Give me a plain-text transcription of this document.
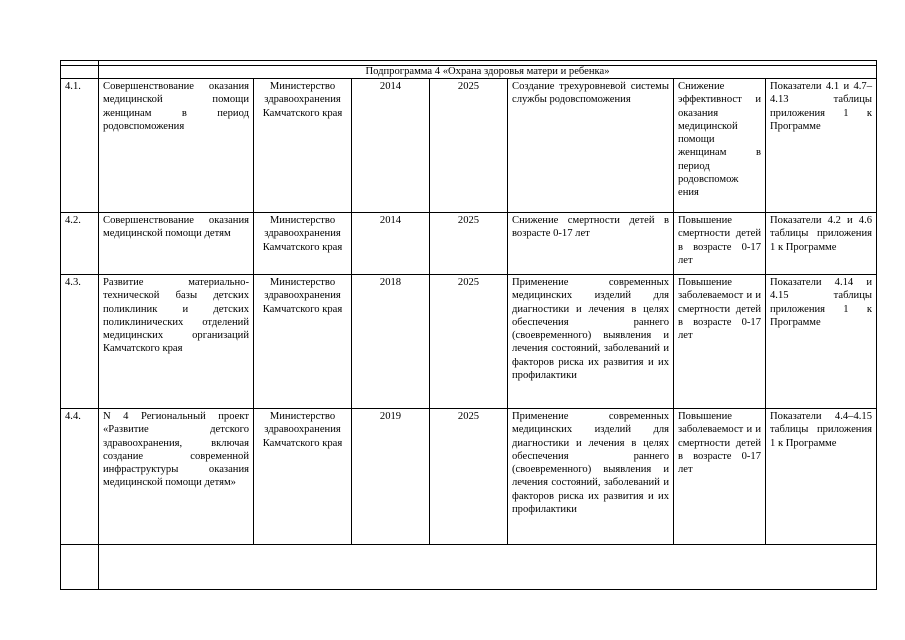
	Подпрограмма 4 «Охрана здоровья матери и ребенка»						
4.1.	Совершенствование оказания медицинской помощи женщинам в период родовспоможения	Министерство здравоохранения Камчатского края	2014	2025	Создание трехуровневой системы службы родовспоможения	Снижение эффективност и оказания медицинской помощи женщинам в период родовспомож ения	Показатели 4.1 и 4.7–4.13 таблицы приложения 1 к Программе
4.2.	Совершенствование оказания медицинской помощи детям	Министерство здравоохранения Камчатского края	2014	2025	Снижение смертности детей в возрасте 0-17 лет	Повышение смертности детей в возрасте 0-17 лет	Показатели 4.2 и 4.6 таблицы приложения 1 к Программе
4.3.	Развитие материально-технической базы детских поликлиник и детских поликлинических отделений медицинских организаций Камчатского края	Министерство здравоохранения Камчатского края	2018	2025	Применение современных медицинских изделий для диагностики и лечения в целях обеспечения раннего (своевременного) выявления и лечения состояний, заболеваний и факторов риска их развития и их профилактики	Повышение заболеваемост и и смертности детей в возрасте 0-17 лет	Показатели 4.14 и 4.15 таблицы приложения 1 к Программе
4.4.	N 4 Региональный проект «Развитие детского здравоохранения, включая создание современной инфраструктуры оказания медицинской помощи детям»	Министерство здравоохранения Камчатского края	2019	2025	Применение современных медицинских изделий для диагностики и лечения в целях обеспечения раннего (своевременного) выявления и лечения состояний, заболеваний и факторов риска их развития и их профилактики	Повышение заболеваемост и и смертности детей в возрасте 0-17 лет	Показатели 4.4–4.15 таблицы приложения 1 к Программе
